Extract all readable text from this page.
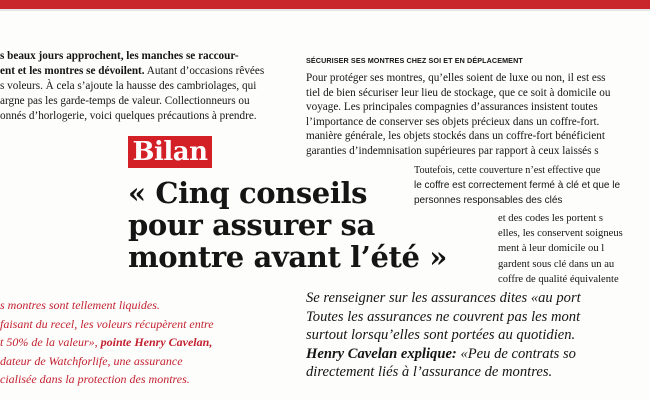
s beaux jours approchent, les manches se raccour-
ent et les montres se dévoilent. Autant d’occasions rêvées
s voleurs. À cela s’ajoute la hausse des cambriolages, qui
argne pas les garde-temps de valeur. Collectionneurs ou
onnés d’horlogerie, voici quelques précautions à prendre.
SÉCURISER SES MONTRES CHEZ SOI ET EN DÉPLACEMENT
Pour protéger ses montres, qu’elles soient de luxe ou non, il est ess
tiel de bien sécuriser leur lieu de stockage, que ce soit à domicile ou
voyage. Les principales compagnies d’assurances insistent toutes
l’importance de conserver ses objets précieux dans un coffre-fort.
manière générale, les objets stockés dans un coffre-fort bénéficient
garanties d’indemnisation supérieures par rapport à ceux laissés s
Toutefois, cette couverture n’est effective que
le coffre est correctement fermé à clé et que le
personnes responsables des clés
et des codes les portent s
elles, les conservent soigneus
ment à leur domicile ou l
gardent sous clé dans un au
coffre de qualité équivalente
Bilan
« Cinq conseils
pour assurer sa
montre avant l’été »
s montres sont tellement liquides.
faisant du recel, les voleurs récupèrent entre
t 50% de la valeur», pointe Henry Cavelan,
dateur de Watchforlife, une assurance
cialisée dans la protection des montres.
Se renseigner sur les assurances dites «au port
Toutes les assurances ne couvrent pas les mont
surtout lorsqu’elles sont portées au quotidien.
Henry Cavelan explique: «Peu de contrats so
directement liés à l’assurance de montres.
